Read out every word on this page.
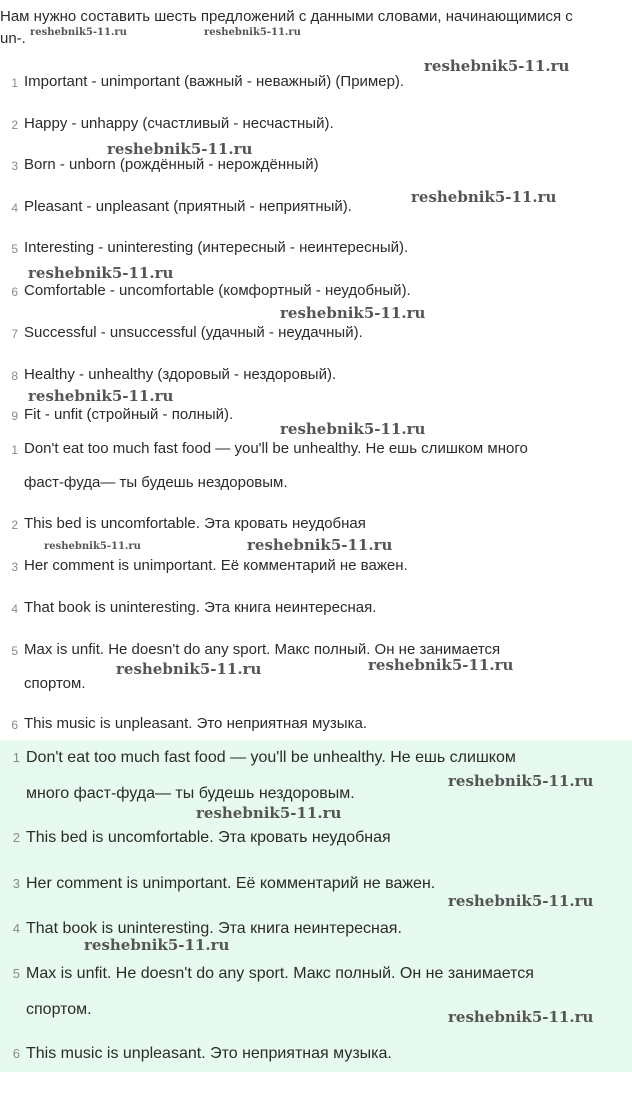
Нам нужно составить шесть предложений с данными словами, начинающимися с un-.

1 Important - unimportant (важный - неважный) (Пример).
2 Happy - unhappy (счастливый - несчастный).
3 Born - unborn (рождённый - нерождённый)
4 Pleasant - unpleasant (приятный - неприятный).
5 Interesting - uninteresting (интересный - неинтересный).
6 Comfortable - uncomfortable (комфортный - неудобный).
7 Successful - unsuccessful (удачный - неудачный).
8 Healthy - unhealthy (здоровый - нездоровый).
9 Fit - unfit (стройный - полный).
1 Don't eat too much fast food — you'll be unhealthy. Не ешь слишком много
фаст-фуда— ты будешь нездоровым.
2 This bed is uncomfortable. Эта кровать неудобная
3 Her comment is unimportant. Её комментарий не важен.
4 That book is uninteresting. Эта книга неинтересная.
5 Max is unfit. He doesn't do any sport. Макс полный. Он не занимается
спортом.
6 This music is unpleasant. Это неприятная музыка.
1 Don't eat too much fast food — you'll be unhealthy. Не ешь слишком
много фаст-фуда— ты будешь нездоровым.
2 This bed is uncomfortable. Эта кровать неудобная
3 Her comment is unimportant. Её комментарий не важен.
4 That book is uninteresting. Эта книга неинтересная.
5 Max is unfit. He doesn't do any sport. Макс полный. Он не занимается
спортом.
6 This music is unpleasant. Это неприятная музыка.
reshebnik5-11.ru	reshebnik5-11.ru
reshebnik5-11.ru
reshebnik5-11.ru
reshebnik5-11.ru
reshebnik5-11.ru
reshebnik5-11.ru
reshebnik5-11.ru
reshebnik5-11.ru
reshebnik5-11.ru	reshebnik5-11.ru
reshebnik5-11.ru	reshebnik5-11.ru
reshebnik5-11.ru
reshebnik5-11.ru
reshebnik5-11.ru
reshebnik5-11.ru
reshebnik5-11.ru
